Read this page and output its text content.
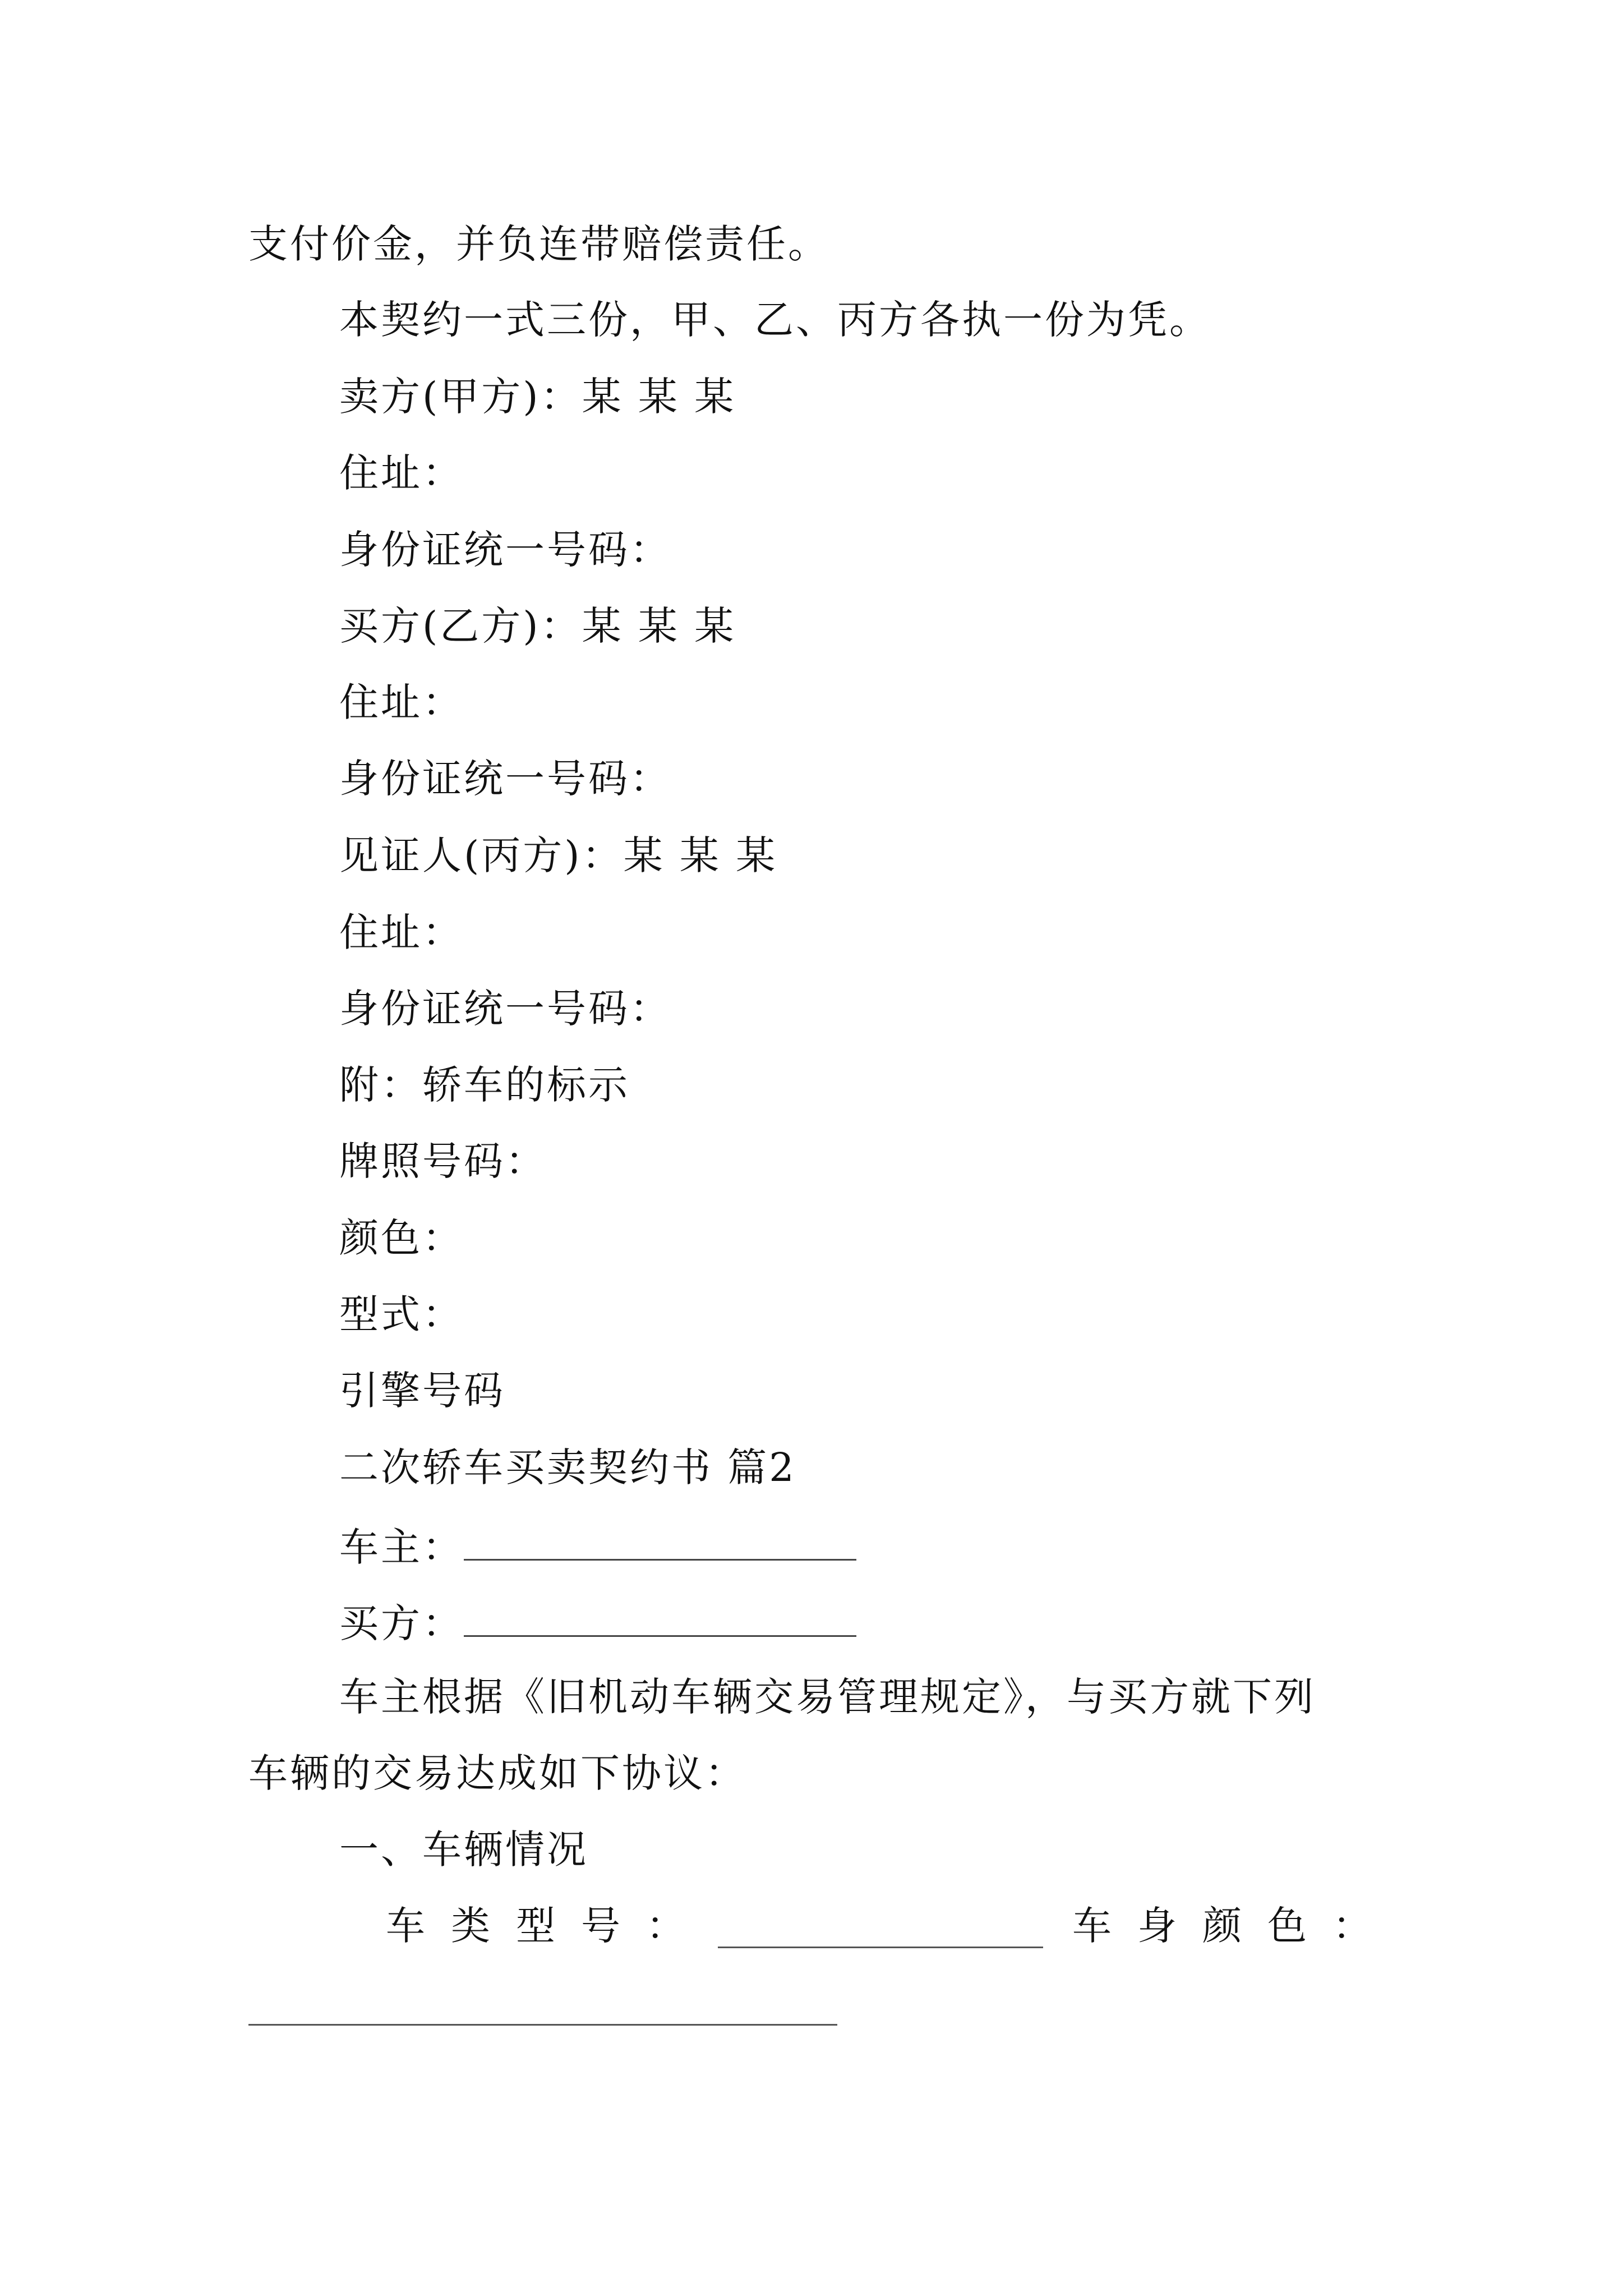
支付价金，并负连带赔偿责任。
本契约一式三份，甲、乙、丙方各执一份为凭。
卖方(甲方)：某 某 某
住址：
身份证统一号码：
买方(乙方)：某 某 某
住址：
身份证统一号码：
见证人(丙方)：某 某 某
住址：
身份证统一号码：
附：轿车的标示
牌照号码：
颜色：
型式：
引擎号码
二次轿车买卖契约书 篇2
车主：
买方：
车主根据《旧机动车辆交易管理规定》，与买方就下列
车辆的交易达成如下协议：
一、车辆情况
车类型号：	车身颜色：
